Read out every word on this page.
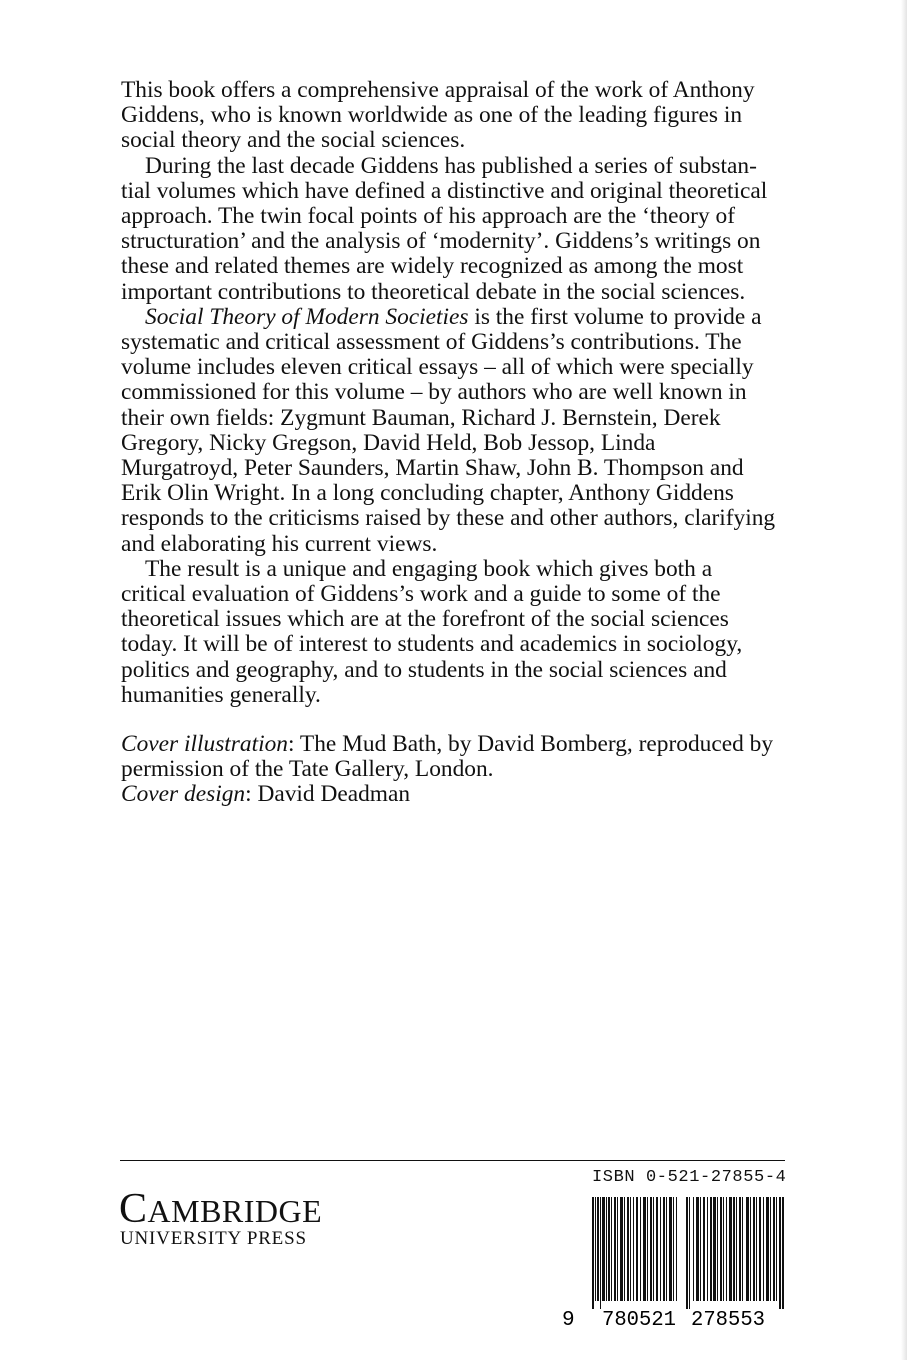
This book offers a comprehensive appraisal of the work of Anthony
Giddens, who is known worldwide as one of the leading figures in
social theory and the social sciences.

During the last decade Giddens has published a series of substan-
tial volumes which have defined a distinctive and original theoretical
approach. The twin focal points of his approach are the ‘theory of
structuration’ and the analysis of ‘modernity’. Giddens’s writings on
these and related themes are widely recognized as among the most
important contributions to theoretical debate in the social sciences.

Social Theory of Modern Societies is the first volume to provide a
systematic and critical assessment of Giddens’s contributions. The
volume includes eleven critical essays – all of which were specially
commissioned for this volume – by authors who are well known in
their own fields: Zygmunt Bauman, Richard J. Bernstein, Derek
Gregory, Nicky Gregson, David Held, Bob Jessop, Linda
Murgatroyd, Peter Saunders, Martin Shaw, John B. Thompson and
Erik Olin Wright. In a long concluding chapter, Anthony Giddens
responds to the criticisms raised by these and other authors, clarifying
and elaborating his current views.

The result is a unique and engaging book which gives both a
critical evaluation of Giddens’s work and a guide to some of the
theoretical issues which are at the forefront of the social sciences
today. It will be of interest to students and academics in sociology,
politics and geography, and to students in the social sciences and
humanities generally.

Cover illustration: The Mud Bath, by David Bomberg, reproduced by
permission of the Tate Gallery, London.
Cover design: David Deadman
CAMBRIDGE
UNIVERSITY PRESS
ISBN 0-521-27855-4
9 780521 278553
